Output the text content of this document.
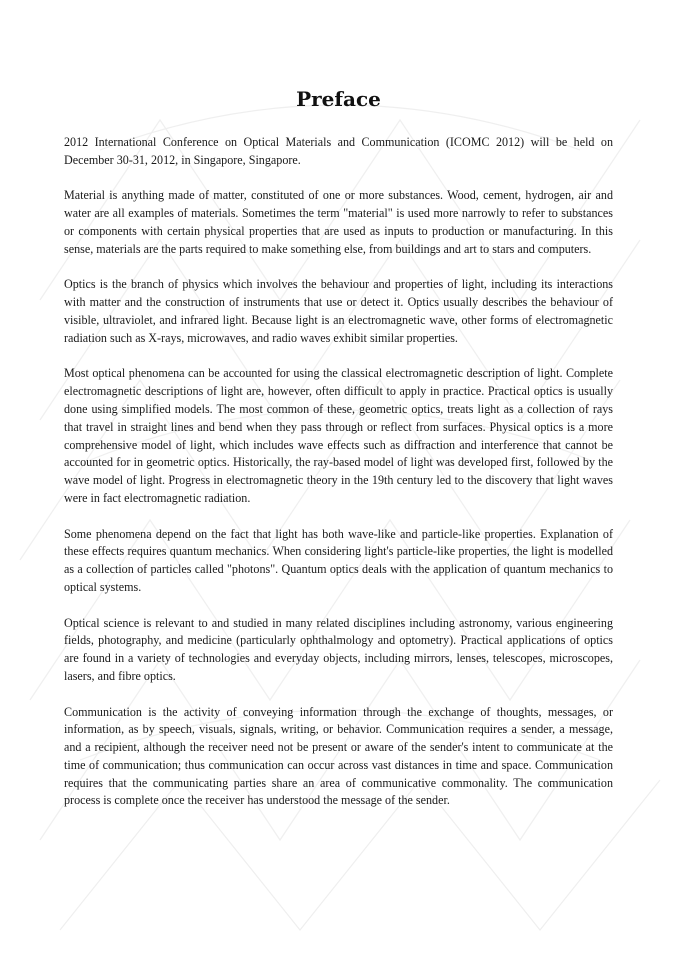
Preface

2012 International Conference on Optical Materials and Communication (ICOMC 2012) will be held on December 30-31, 2012, in Singapore, Singapore.

Material is anything made of matter, constituted of one or more substances. Wood, cement, hydrogen, air and water are all examples of materials. Sometimes the term "material" is used more narrowly to refer to substances or components with certain physical properties that are used as inputs to production or manufacturing. In this sense, materials are the parts required to make something else, from buildings and art to stars and computers.

Optics is the branch of physics which involves the behaviour and properties of light, including its interactions with matter and the construction of instruments that use or detect it. Optics usually describes the behaviour of visible, ultraviolet, and infrared light. Because light is an electromagnetic wave, other forms of electromagnetic radiation such as X-rays, microwaves, and radio waves exhibit similar properties.

Most optical phenomena can be accounted for using the classical electromagnetic description of light. Complete electromagnetic descriptions of light are, however, often difficult to apply in practice. Practical optics is usually done using simplified models. The most common of these, geometric optics, treats light as a collection of rays that travel in straight lines and bend when they pass through or reflect from surfaces. Physical optics is a more comprehensive model of light, which includes wave effects such as diffraction and interference that cannot be accounted for in geometric optics. Historically, the ray-based model of light was developed first, followed by the wave model of light. Progress in electromagnetic theory in the 19th century led to the discovery that light waves were in fact electromagnetic radiation.

Some phenomena depend on the fact that light has both wave-like and particle-like properties. Explanation of these effects requires quantum mechanics. When considering light's particle-like properties, the light is modelled as a collection of particles called "photons". Quantum optics deals with the application of quantum mechanics to optical systems.

Optical science is relevant to and studied in many related disciplines including astronomy, various engineering fields, photography, and medicine (particularly ophthalmology and optometry). Practical applications of optics are found in a variety of technologies and everyday objects, including mirrors, lenses, telescopes, microscopes, lasers, and fibre optics.

Communication is the activity of conveying information through the exchange of thoughts, messages, or information, as by speech, visuals, signals, writing, or behavior. Communication requires a sender, a message, and a recipient, although the receiver need not be present or aware of the sender's intent to communicate at the time of communication; thus communication can occur across vast distances in time and space. Communication requires that the communicating parties share an area of communicative commonality. The communication process is complete once the receiver has understood the message of the sender.
